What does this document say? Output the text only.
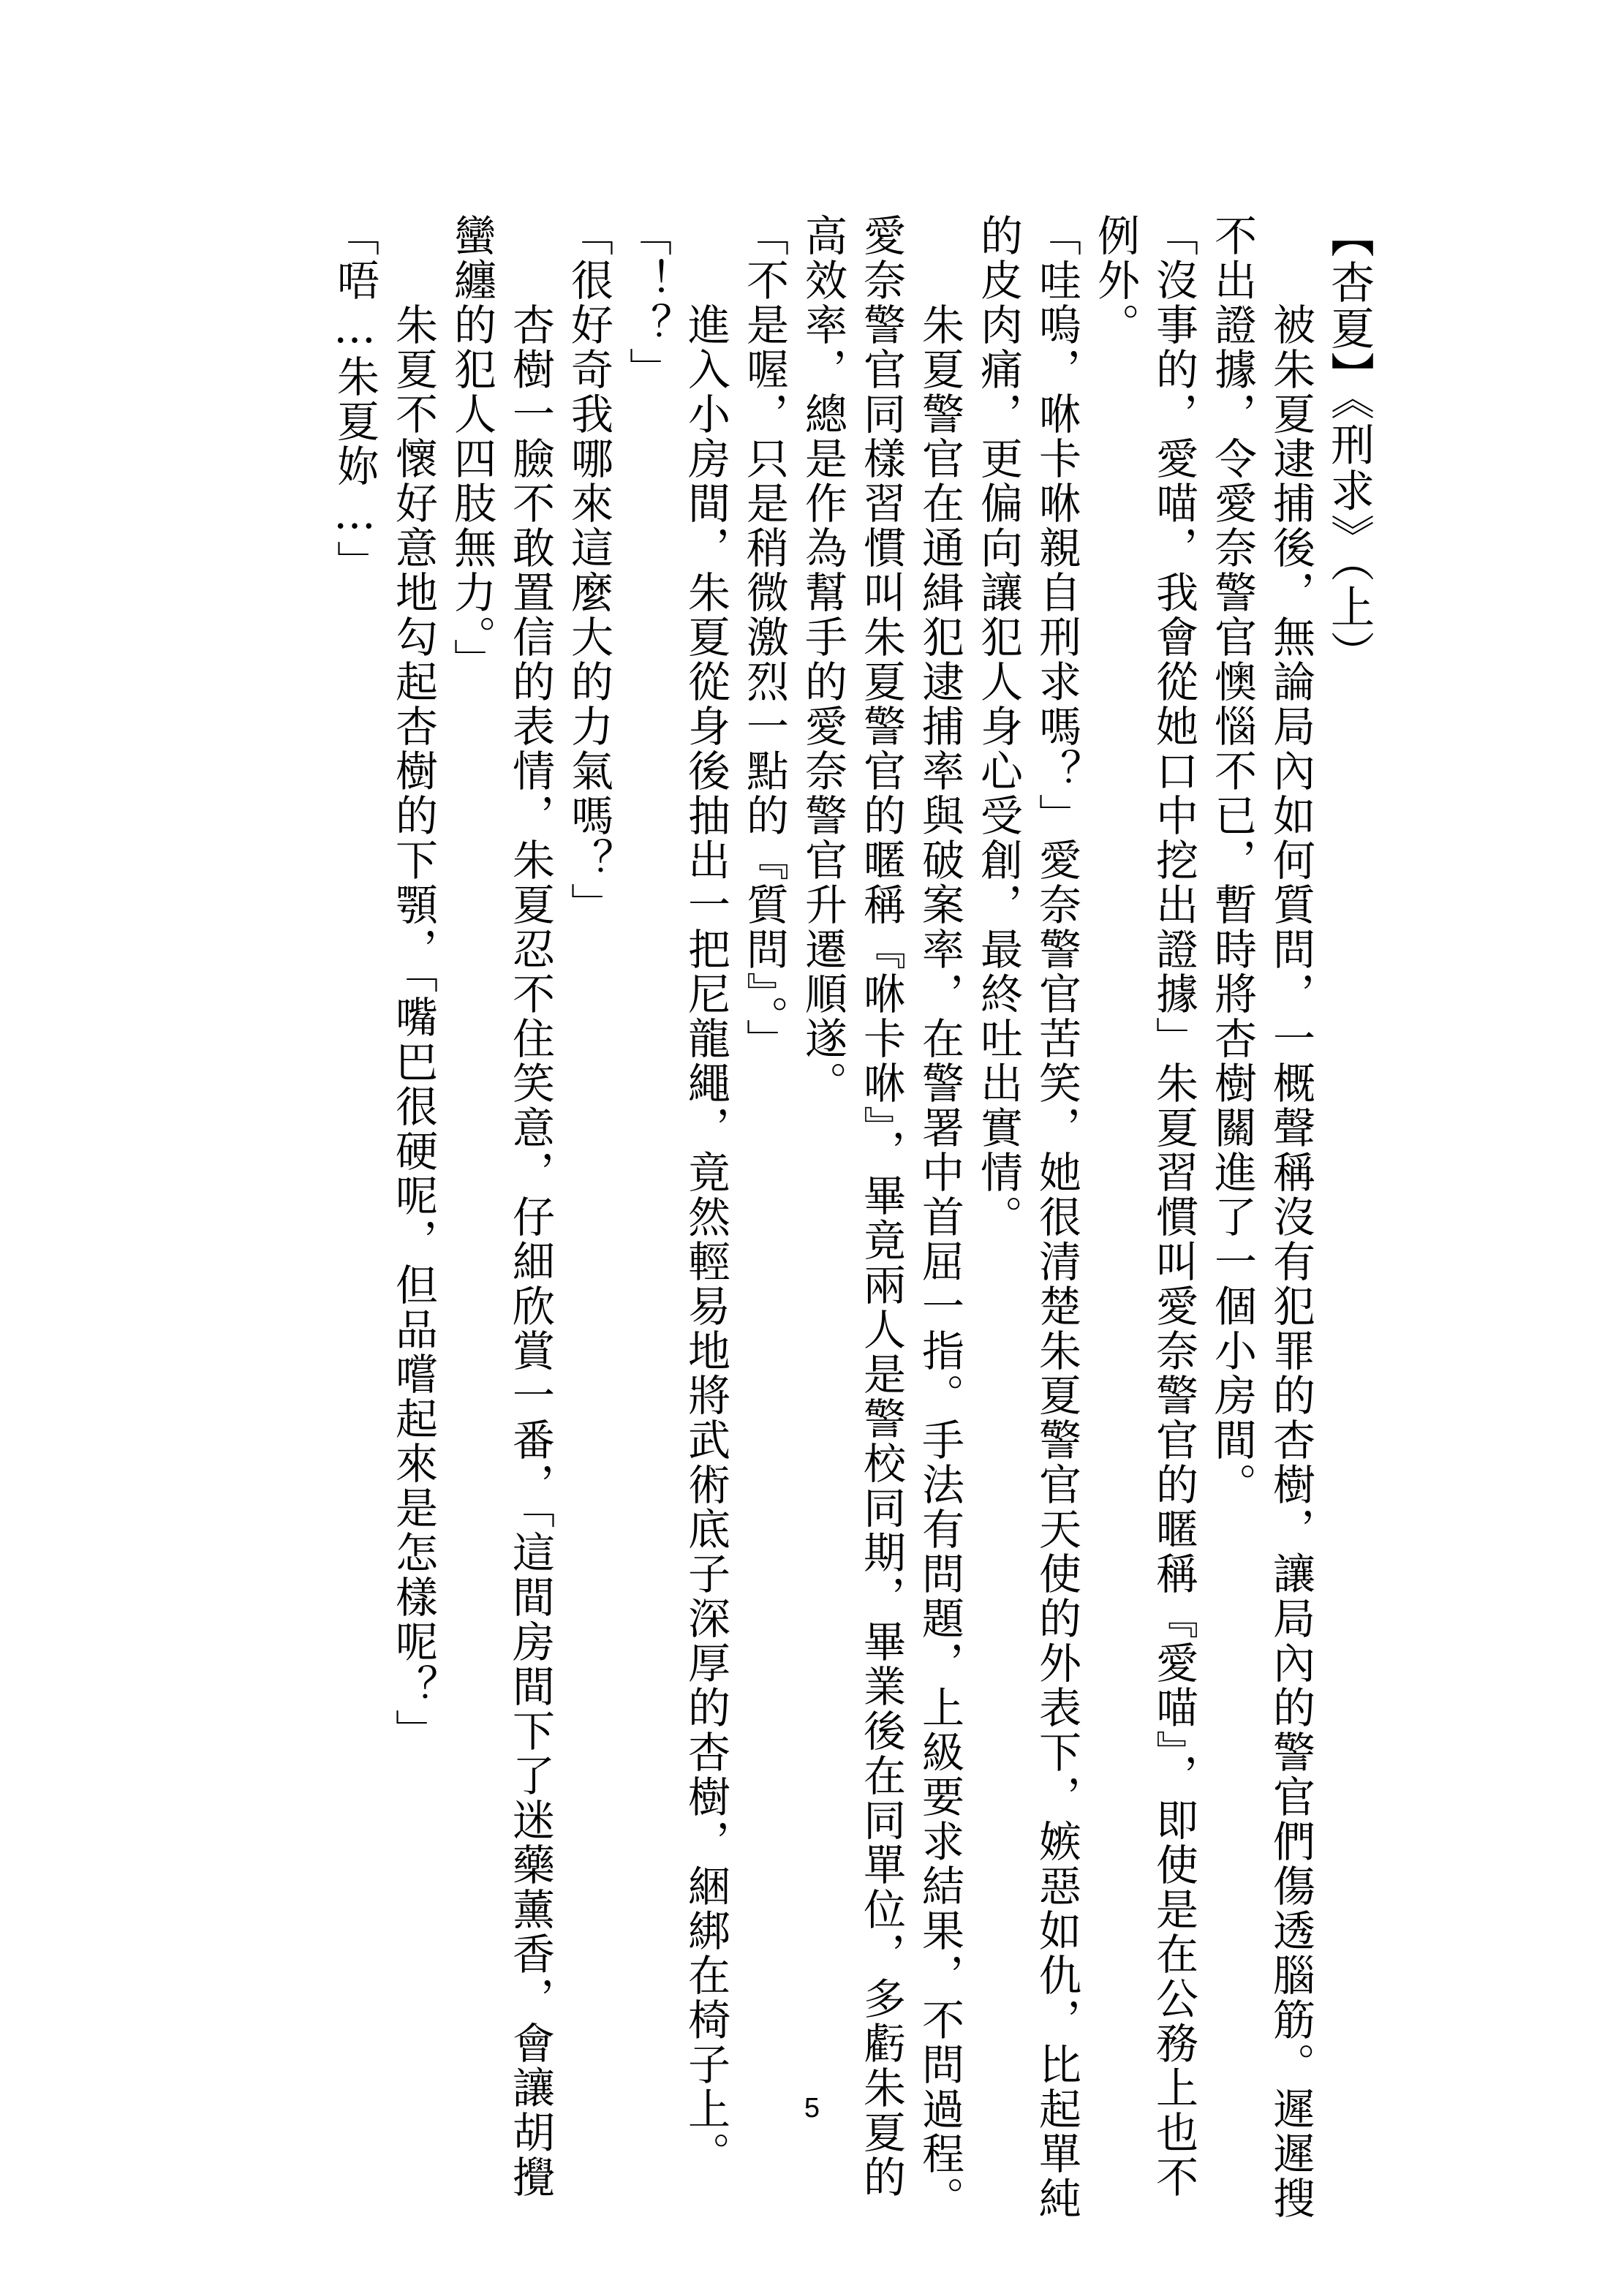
【杏夏】《刑求》（上）
　　被朱夏逮捕後，無論局內如何質問，一概聲稱沒有犯罪的杏樹，讓局內的警官們傷透腦筋。遲遲搜
不出證據，令愛奈警官懊惱不已，暫時將杏樹關進了一個小房間。
「沒事的，愛喵，我會從她口中挖出證據」朱夏習慣叫愛奈警官的暱稱『愛喵』，即使是在公務上也不
例外。
「哇嗚，咻卡咻親自刑求嗎？」愛奈警官苦笑，她很清楚朱夏警官天使的外表下，嫉惡如仇，比起單純
的皮肉痛，更偏向讓犯人身心受創，最終吐出實情。
　　朱夏警官在通緝犯逮捕率與破案率，在警署中首屈一指。手法有問題，上級要求結果，不問過程。
愛奈警官同樣習慣叫朱夏警官的暱稱『咻卡咻』，畢竟兩人是警校同期，畢業後在同單位，多虧朱夏的
高效率，總是作為幫手的愛奈警官升遷順遂。
「不是喔，只是稍微激烈一點的『質問』。」
　　進入小房間，朱夏從身後抽出一把尼龍繩，竟然輕易地將武術底子深厚的杏樹，綑綁在椅子上。
「！？」
「很好奇我哪來這麼大的力氣嗎？」
　　杏樹一臉不敢置信的表情，朱夏忍不住笑意，仔細欣賞一番，「這間房間下了迷藥薰香，會讓胡攪
蠻纏的犯人四肢無力。」
　　朱夏不懷好意地勾起杏樹的下顎，「嘴巴很硬呢，但品嚐起來是怎樣呢？」
「唔…朱夏妳…」
5
